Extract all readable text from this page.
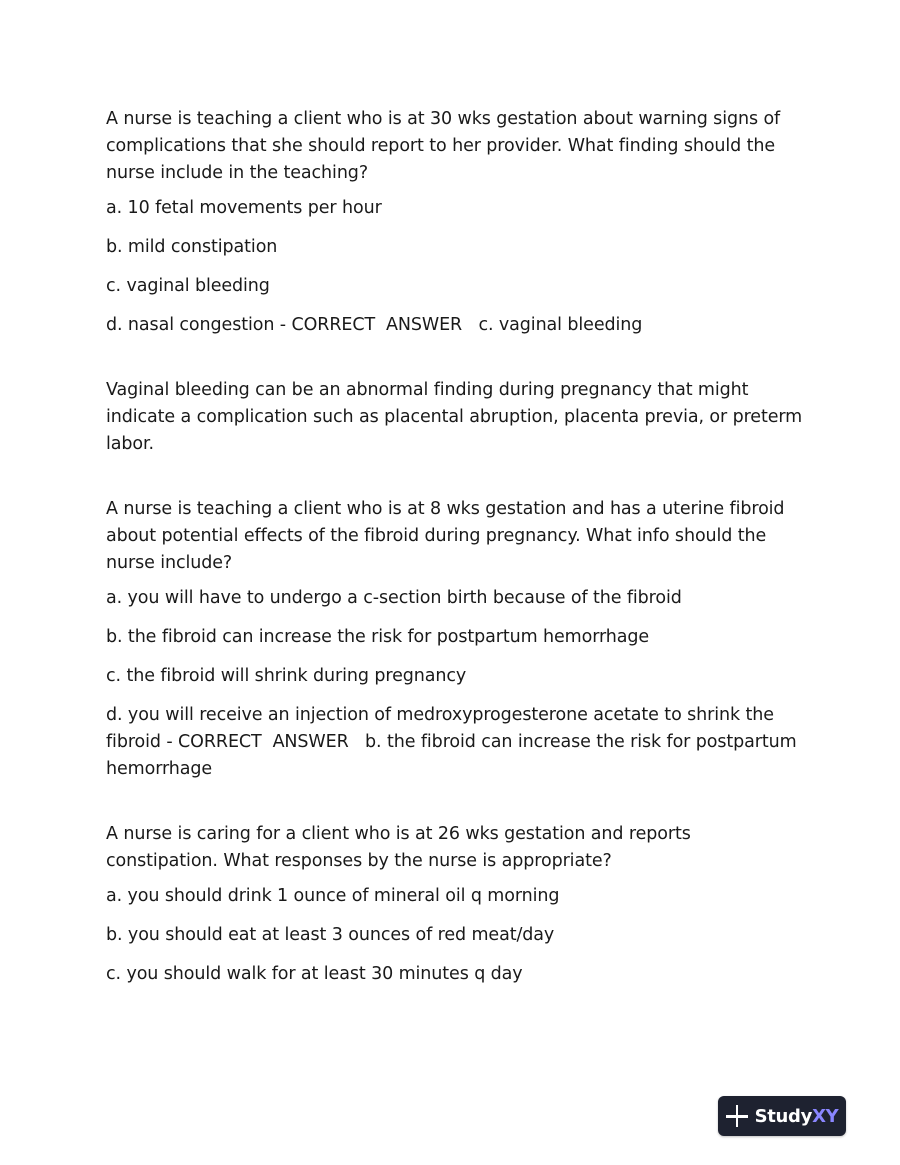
A nurse is teaching a client who is at 30 wks gestation about warning signs of complications that she should report to her provider. What finding should the nurse include in the teaching?

a. 10 fetal movements per hour

b. mild constipation

c. vaginal bleeding

d. nasal congestion - CORRECT  ANSWER   c. vaginal bleeding

Vaginal bleeding can be an abnormal finding during pregnancy that might indicate a complication such as placental abruption, placenta previa, or preterm labor.

A nurse is teaching a client who is at 8 wks gestation and has a uterine fibroid about potential effects of the fibroid during pregnancy. What info should the nurse include?

a. you will have to undergo a c-section birth because of the fibroid

b. the fibroid can increase the risk for postpartum hemorrhage

c. the fibroid will shrink during pregnancy

d. you will receive an injection of medroxyprogesterone acetate to shrink the fibroid - CORRECT  ANSWER   b. the fibroid can increase the risk for postpartum hemorrhage

A nurse is caring for a client who is at 26 wks gestation and reports constipation. What responses by the nurse is appropriate?

a. you should drink 1 ounce of mineral oil q morning

b. you should eat at least 3 ounces of red meat/day

c. you should walk for at least 30 minutes q day

StudyXY
